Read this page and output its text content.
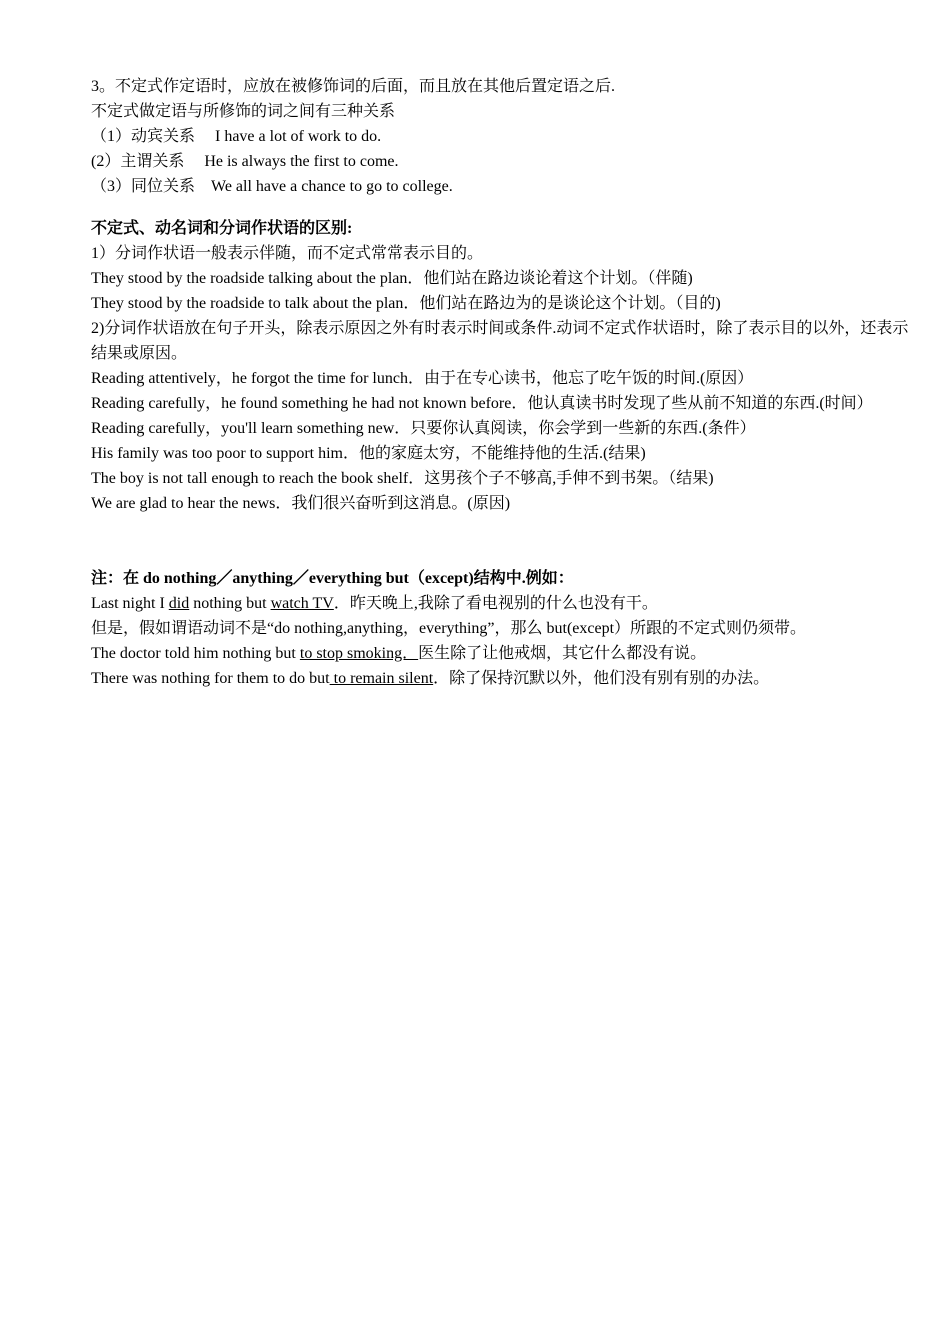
3。不定式作定语时，应放在被修饰词的后面，而且放在其他后置定语之后.
不定式做定语与所修饰的词之间有三种关系
（1）动宾关系　 I have a lot of work to do.
(2）主谓关系　 He is always the first to come.
（3）同位关系　We all have a chance to go to college.
不定式、动名词和分词作状语的区别:
1）分词作状语一般表示伴随，而不定式常常表示目的。
They stood by the roadside talking about the plan．他们站在路边谈论着这个计划。（伴随)
They stood by the roadside to talk about the plan．他们站在路边为的是谈论这个计划。（目的)
2)分词作状语放在句子开头，除表示原因之外有时表示时间或条件.动词不定式作状语时，除了表示目的以外，还表示结果或原因。
Reading attentively，he forgot the time for lunch．由于在专心读书，他忘了吃午饭的时间.(原因）
Reading carefully，he found something he had not known before．他认真读书时发现了些从前不知道的东西.(时间）
Reading carefully，you'll learn something new．只要你认真阅读，你会学到一些新的东西.(条件）
His family was too poor to support him．他的家庭太穷，不能维持他的生活.(结果)
The boy is not tall enough to reach the book shelf．这男孩个子不够高,手伸不到书架。（结果)
We are glad to hear the news．我们很兴奋听到这消息。(原因)
注：在 do nothing／anything／everything but（except)结构中.例如：
Last night I did nothing but watch TV．昨天晚上,我除了看电视别的什么也没有干。
但是，假如谓语动词不是“do nothing,anything，everything”，那么 but(except）所跟的不定式则仍须带。
The doctor told him nothing but to stop smoking．医生除了让他戒烟，其它什么都没有说。
There was nothing for them to do but to remain silent．除了保持沉默以外，他们没有别有别的办法。
